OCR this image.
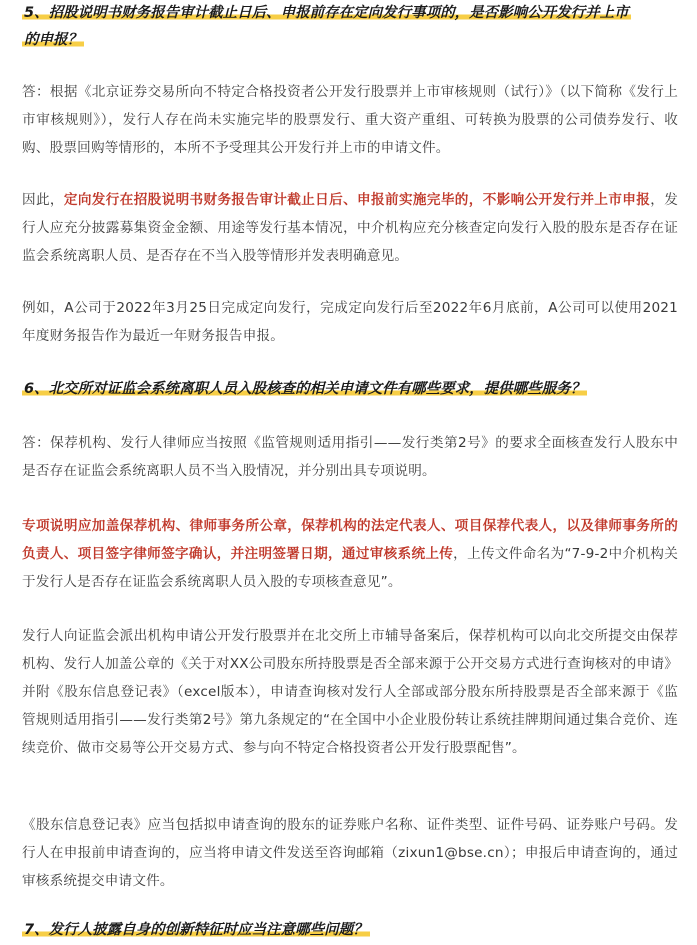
5、招股说明书财务报告审计截止日后、申报前存在定向发行事项的，是否影响公开发行并上市
的申报？
答：根据《北京证券交易所向不特定合格投资者公开发行股票并上市审核规则（试行）》（以下简称《发行上市审核规则》），发行人存在尚未实施完毕的股票发行、重大资产重组、可转换为股票的公司债券发行、收购、股票回购等情形的，本所不予受理其公开发行并上市的申请文件。
因此，定向发行在招股说明书财务报告审计截止日后、申报前实施完毕的，不影响公开发行并上市申报，发行人应充分披露募集资金金额、用途等发行基本情况，中介机构应充分核查定向发行入股的股东是否存在证监会系统离职人员、是否存在不当入股等情形并发表明确意见。
例如，A公司于2022年3月25日完成定向发行，完成定向发行后至2022年6月底前，A公司可以使用2021年度财务报告作为最近一年财务报告申报。
6、北交所对证监会系统离职人员入股核查的相关申请文件有哪些要求，提供哪些服务？
答：保荐机构、发行人律师应当按照《监管规则适用指引——发行类第2号》的要求全面核查发行人股东中是否存在证监会系统离职人员不当入股情况，并分别出具专项说明。
专项说明应加盖保荐机构、律师事务所公章，保荐机构的法定代表人、项目保荐代表人，以及律师事务所的负责人、项目签字律师签字确认，并注明签署日期，通过审核系统上传，上传文件命名为“7-9-2中介机构关于发行人是否存在证监会系统离职人员入股的专项核查意见”。
发行人向证监会派出机构申请公开发行股票并在北交所上市辅导备案后，保荐机构可以向北交所提交由保荐机构、发行人加盖公章的《关于对XX公司股东所持股票是否全部来源于公开交易方式进行查询核对的申请》并附《股东信息登记表》（excel版本），申请查询核对发行人全部或部分股东所持股票是否全部来源于《监管规则适用指引——发行类第2号》第九条规定的“在全国中小企业股份转让系统挂牌期间通过集合竞价、连续竞价、做市交易等公开交易方式、参与向不特定合格投资者公开发行股票配售”。
《股东信息登记表》应当包括拟申请查询的股东的证券账户名称、证件类型、证件号码、证券账户号码。发行人在申报前申请查询的，应当将申请文件发送至咨询邮箱（zixun1@bse.cn）；申报后申请查询的，通过审核系统提交申请文件。
7、发行人披露自身的创新特征时应当注意哪些问题？
